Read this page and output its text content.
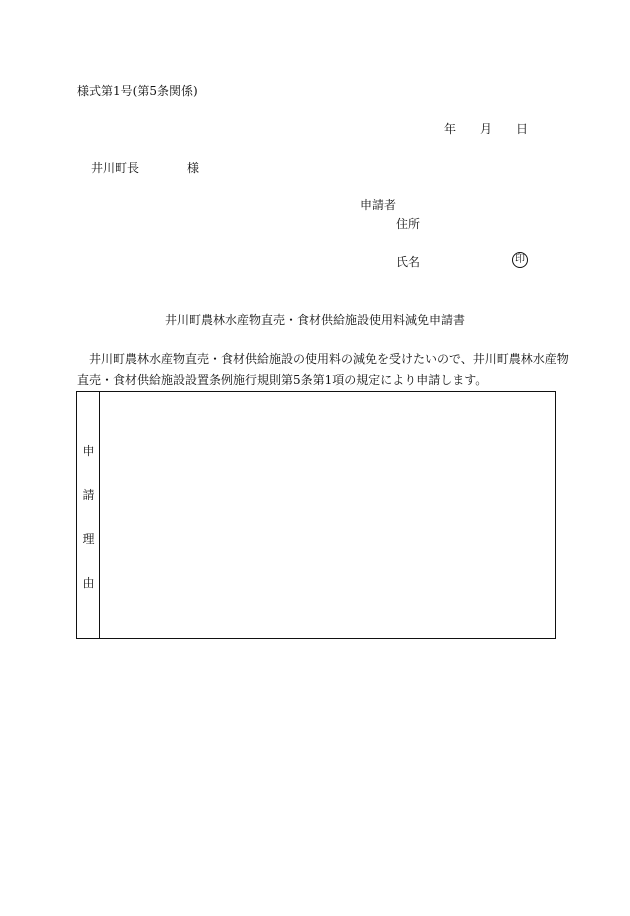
様式第1号(第5条関係)
年 月 日
井川町長	様
申請者
住所
氏名	印
井川町農林水産物直売・食材供給施設使用料減免申請書
井川町農林水産物直売・食材供給施設の使用料の減免を受けたいので、井川町農林水産物直売・食材供給施設設置条例施行規則第5条第1項の規定により申請します。
申
請
理
由
